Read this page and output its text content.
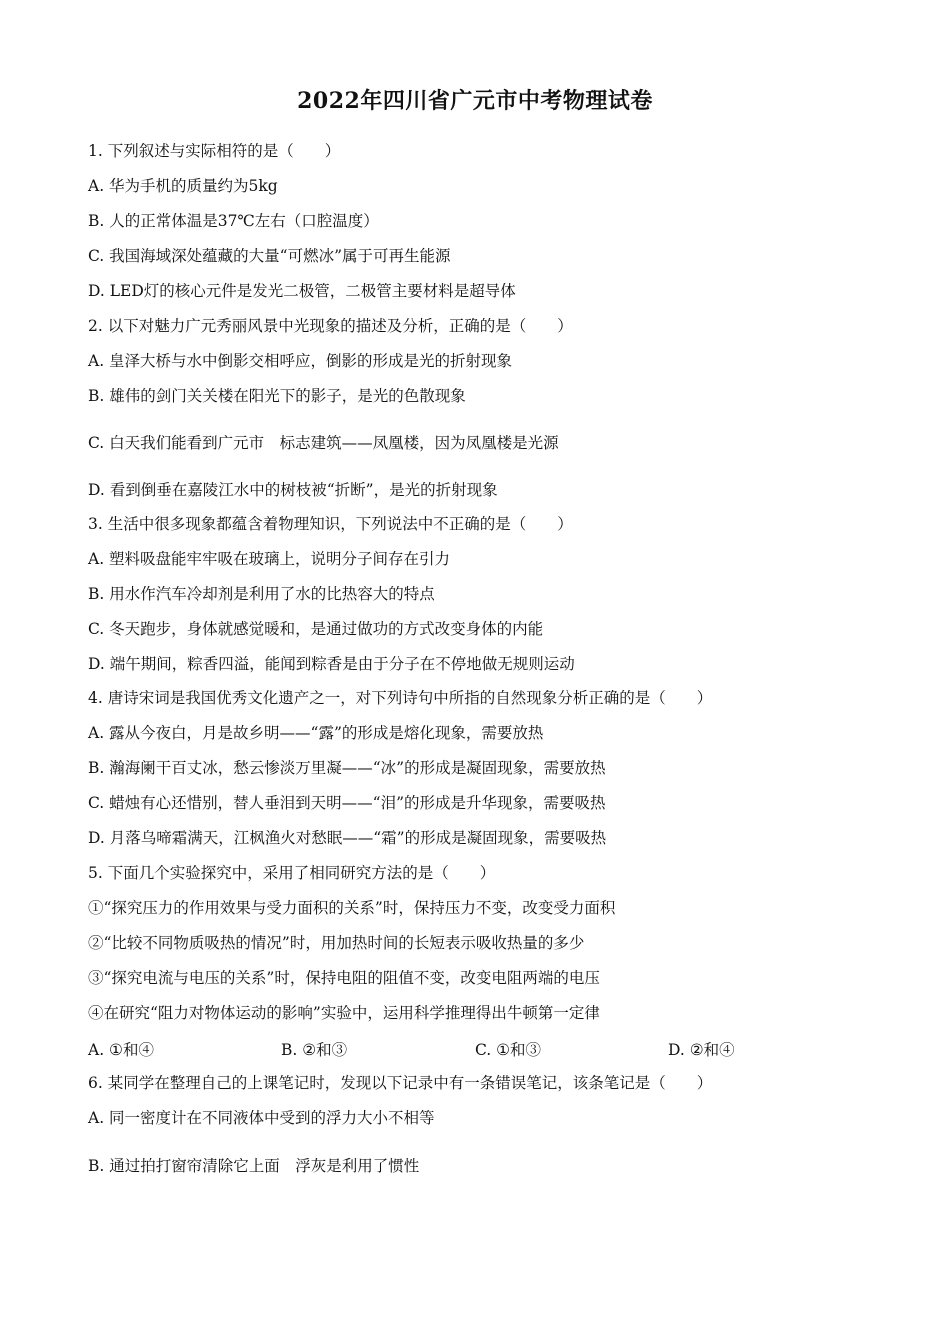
2022年四川省广元市中考物理试卷
1. 下列叙述与实际相符的是（　　）
A. 华为手机的质量约为5kg
B. 人的正常体温是37℃左右（口腔温度）
C. 我国海域深处蕴藏的大量“可燃冰”属于可再生能源
D. LED灯的核心元件是发光二极管，二极管主要材料是超导体
2. 以下对魅力广元秀丽风景中光现象的描述及分析，正确的是（　　）
A. 皇泽大桥与水中倒影交相呼应，倒影的形成是光的折射现象
B. 雄伟的剑门关关楼在阳光下的影子，是光的色散现象
C. 白天我们能看到广元市　标志建筑——凤凰楼，因为凤凰楼是光源
D. 看到倒垂在嘉陵江水中的树枝被“折断”，是光的折射现象
3. 生活中很多现象都蕴含着物理知识，下列说法中不正确的是（　　）
A. 塑料吸盘能牢牢吸在玻璃上，说明分子间存在引力
B. 用水作汽车冷却剂是利用了水的比热容大的特点
C. 冬天跑步，身体就感觉暖和，是通过做功的方式改变身体的内能
D. 端午期间，粽香四溢，能闻到粽香是由于分子在不停地做无规则运动
4. 唐诗宋词是我国优秀文化遗产之一，对下列诗句中所指的自然现象分析正确的是（　　）
A. 露从今夜白，月是故乡明——“露”的形成是熔化现象，需要放热
B. 瀚海阑干百丈冰，愁云惨淡万里凝——“冰”的形成是凝固现象，需要放热
C. 蜡烛有心还惜别，替人垂泪到天明——“泪”的形成是升华现象，需要吸热
D. 月落乌啼霜满天，江枫渔火对愁眠——“霜”的形成是凝固现象，需要吸热
5. 下面几个实验探究中，采用了相同研究方法的是（　　）
①“探究压力的作用效果与受力面积的关系”时，保持压力不变，改变受力面积
②“比较不同物质吸热的情况”时，用加热时间的长短表示吸收热量的多少
③“探究电流与电压的关系”时，保持电阻的阻值不变，改变电阻两端的电压
④在研究“阻力对物体运动的影响”实验中，运用科学推理得出牛顿第一定律
A. ①和④	B. ②和③	C. ①和③	D. ②和④
6. 某同学在整理自己的上课笔记时，发现以下记录中有一条错误笔记，该条笔记是（　　）
A. 同一密度计在不同液体中受到的浮力大小不相等
B. 通过拍打窗帘清除它上面　浮灰是利用了惯性
